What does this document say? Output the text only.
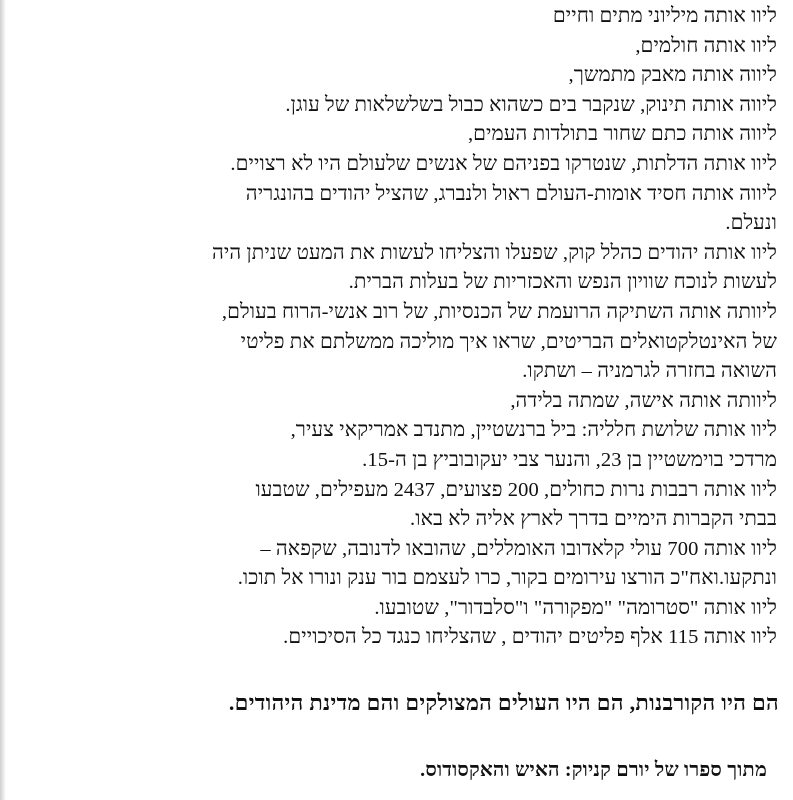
ליוו אותה מיליוני מתים וחיים
ליוו אותה חולמים,
ליווה אותה מאבק מתמשך,
ליווה אותה תינוק, שנקבר בים כשהוא כבול בשלשלאות של עוגן.
ליווה אותה כתם שחור בתולדות העמים,
ליוו אותה הדלתות, שנטרקו בפניהם של אנשים שלעולם היו לא רצויים.
ליווה אותה חסיד אומות-העולם ראול ולנברג, שהציל יהודים בהונגריה
ונעלם.
ליוו אותה יהודים כהלל קוק, שפעלו והצליחו לעשות את המעט שניתן היה
לעשות לנוכח שוויון הנפש והאכזריות של בעלות הברית.
ליוותה אותה השתיקה הרועמת של הכנסיות, של רוב אנשי-הרוח בעולם,
של האינטלקטואלים הבריטים, שראו איך מוליכה ממשלתם את פליטי
השואה בחזרה לגרמניה – ושתקו.
ליוותה אותה אישה, שמתה בלידה,
ליוו אותה שלושת חלליה: ביל ברנשטיין, מתנדב אמריקאי צעיר,
מרדכי בוימשטיין בן 23, והנער צבי יעקובוביץ בן ה-15.
ליוו אותה רבבות נרות כחולים, 200 פצועים, 2437 מעפילים, שטבעו
בבתי הקברות הימיים בדרך לארץ אליה לא באו.
ליוו אותה 700 עולי קלאדובו האומללים, שהובאו לדנובה, שקפאה –
ונתקעו.ואח"כ הורצו עירומים בקור, כרו לעצמם בור ענק ונורו אל תוכו.
ליוו אותה "סטרומה" "מפקורה" ו"סלבדור", שטובעו.
ליוו אותה 115 אלף פליטים יהודים , שהצליחו כנגד כל הסיכויים.
הם היו הקורבנות, הם היו העולים המצולקים והם מדינת היהודים.
מתוך ספרו של יורם קניוק: האיש והאקסודוס.
